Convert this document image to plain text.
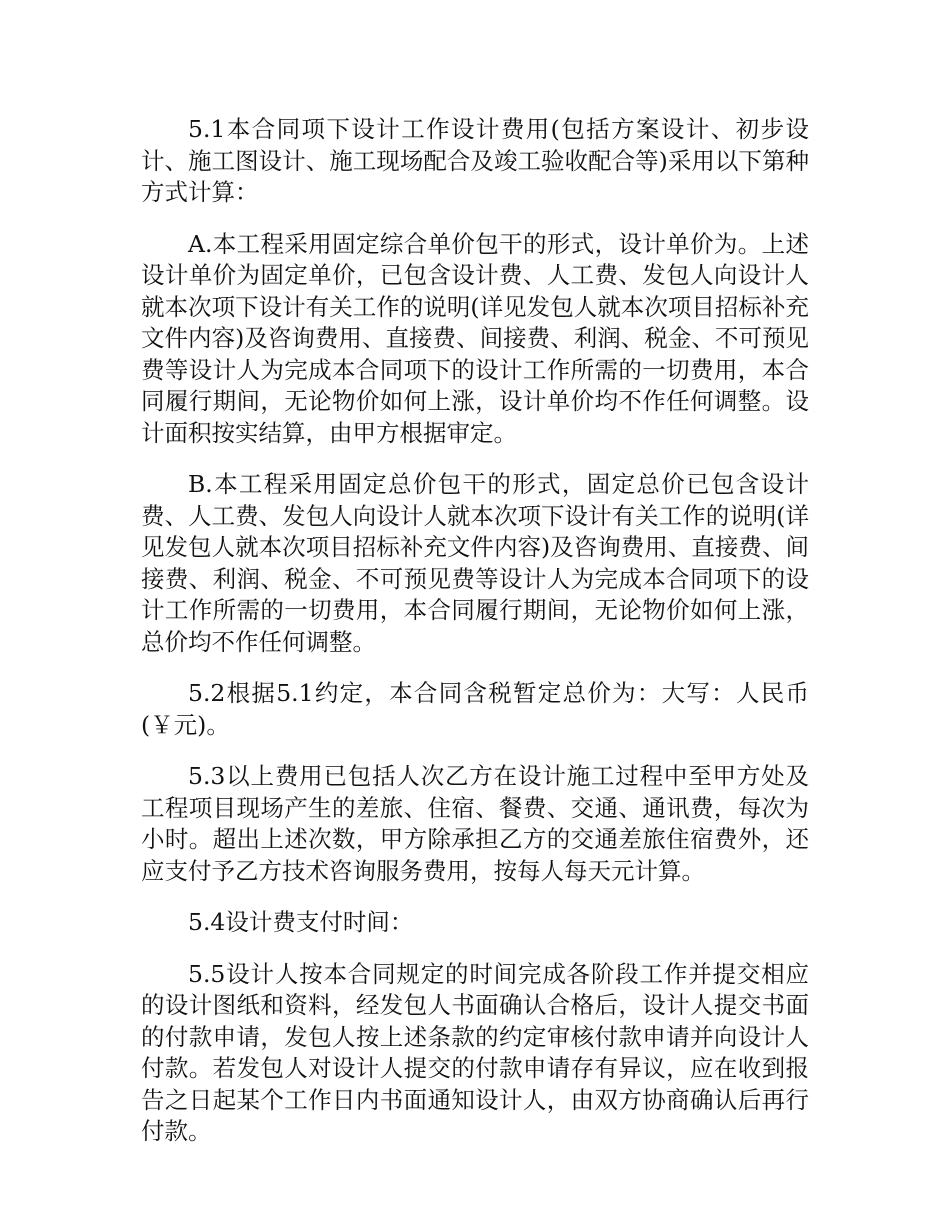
5.1本合同项下设计工作设计费用(包括方案设计、初步设计、施工图设计、施工现场配合及竣工验收配合等)采用以下第种方式计算：

A.本工程采用固定综合单价包干的形式，设计单价为。上述设计单价为固定单价，已包含设计费、人工费、发包人向设计人就本次项下设计有关工作的说明(详见发包人就本次项目招标补充文件内容)及咨询费用、直接费、间接费、利润、税金、不可预见费等设计人为完成本合同项下的设计工作所需的一切费用，本合同履行期间，无论物价如何上涨，设计单价均不作任何调整。设计面积按实结算，由甲方根据审定。

B.本工程采用固定总价包干的形式，固定总价已包含设计费、人工费、发包人向设计人就本次项下设计有关工作的说明(详见发包人就本次项目招标补充文件内容)及咨询费用、直接费、间接费、利润、税金、不可预见费等设计人为完成本合同项下的设计工作所需的一切费用，本合同履行期间，无论物价如何上涨，总价均不作任何调整。

5.2根据5.1约定，本合同含税暂定总价为：大写：人民币(￥元)。

5.3以上费用已包括人次乙方在设计施工过程中至甲方处及工程项目现场产生的差旅、住宿、餐费、交通、通讯费，每次为小时。超出上述次数，甲方除承担乙方的交通差旅住宿费外，还应支付予乙方技术咨询服务费用，按每人每天元计算。

5.4设计费支付时间：

5.5设计人按本合同规定的时间完成各阶段工作并提交相应的设计图纸和资料，经发包人书面确认合格后，设计人提交书面的付款申请，发包人按上述条款的约定审核付款申请并向设计人付款。若发包人对设计人提交的付款申请存有异议，应在收到报告之日起某个工作日内书面通知设计人，由双方协商确认后再行付款。
